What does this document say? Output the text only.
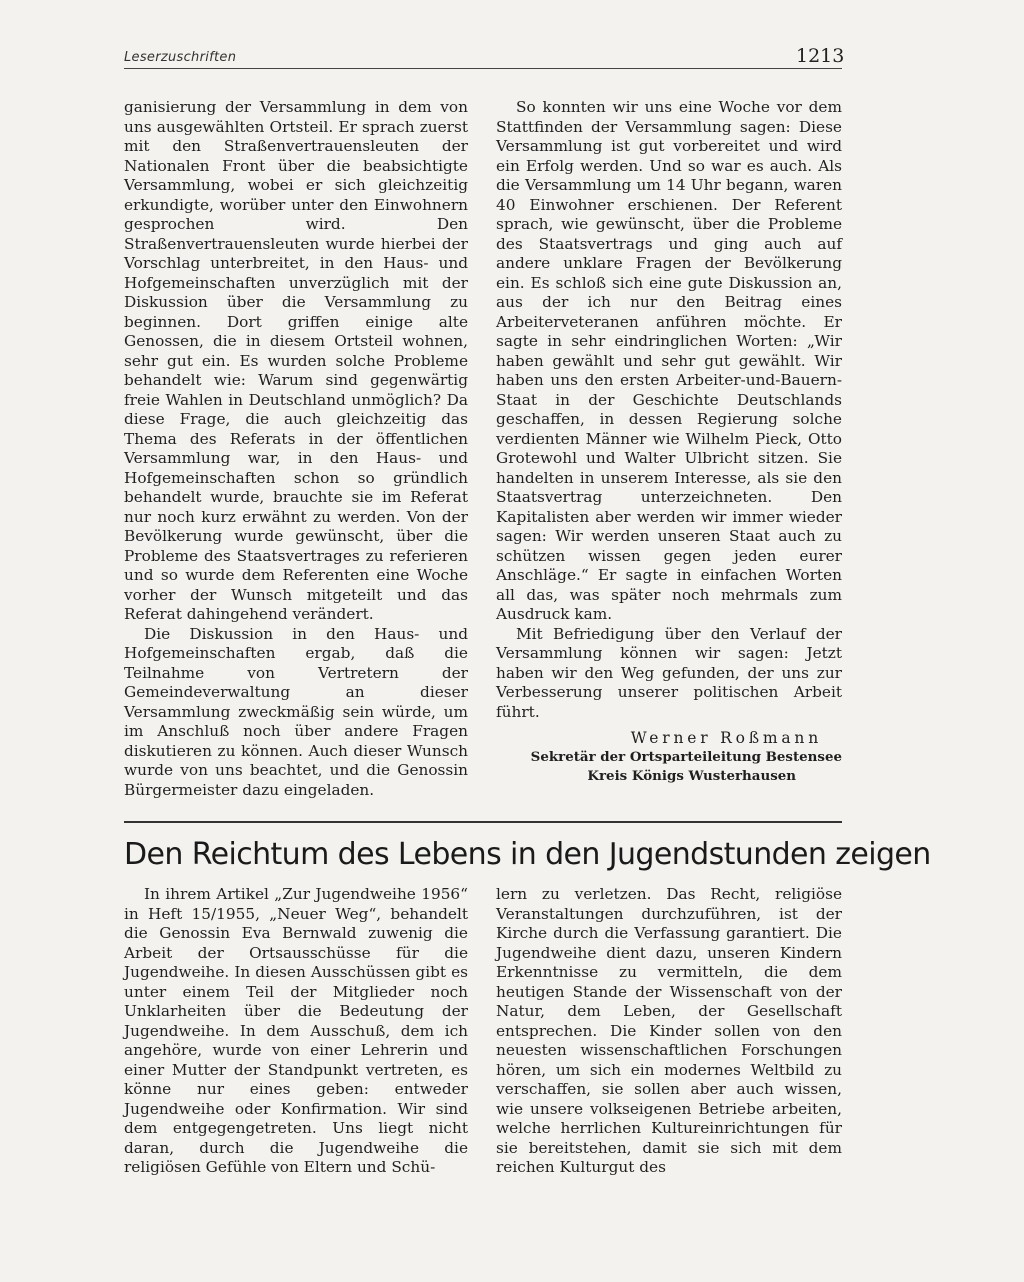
Leserzuschriften	1213

ganisierung der Versammlung in dem von uns ausgewählten Ortsteil. Er sprach zuerst mit den Straßenvertrauensleuten der Nationalen Front über die beabsichtigte Versammlung, wobei er sich gleichzeitig erkundigte, worüber unter den Einwohnern gesprochen wird. Den Straßenvertrauensleuten wurde hierbei der Vorschlag unterbreitet, in den Haus- und Hofgemeinschaften unverzüglich mit der Diskussion über die Versammlung zu beginnen. Dort griffen einige alte Genossen, die in diesem Ortsteil wohnen, sehr gut ein. Es wurden solche Probleme behandelt wie: Warum sind gegenwärtig freie Wahlen in Deutschland unmöglich? Da diese Frage, die auch gleichzeitig das Thema des Referats in der öffentlichen Versammlung war, in den Haus- und Hofgemeinschaften schon so gründlich behandelt wurde, brauchte sie im Referat nur noch kurz erwähnt zu werden. Von der Bevölkerung wurde gewünscht, über die Probleme des Staatsvertrages zu referieren und so wurde dem Referenten eine Woche vorher der Wunsch mitgeteilt und das Referat dahingehend verändert.

Die Diskussion in den Haus- und Hofgemeinschaften ergab, daß die Teilnahme von Vertretern der Gemeindeverwaltung an dieser Versammlung zweckmäßig sein würde, um im Anschluß noch über andere Fragen diskutieren zu können. Auch dieser Wunsch wurde von uns beachtet, und die Genossin Bürgermeister dazu eingeladen.

So konnten wir uns eine Woche vor dem Stattfinden der Versammlung sagen: Diese Versammlung ist gut vorbereitet und wird ein Erfolg werden. Und so war es auch. Als die Versammlung um 14 Uhr begann, waren 40 Einwohner erschienen. Der Referent sprach, wie gewünscht, über die Probleme des Staatsvertrags und ging auch auf andere unklare Fragen der Bevölkerung ein. Es schloß sich eine gute Diskussion an, aus der ich nur den Beitrag eines Arbeiterveteranen anführen möchte. Er sagte in sehr eindringlichen Worten: „Wir haben gewählt und sehr gut gewählt. Wir haben uns den ersten Arbeiter-und-Bauern-Staat in der Geschichte Deutschlands geschaffen, in dessen Regierung solche verdienten Männer wie Wilhelm Pieck, Otto Grotewohl und Walter Ulbricht sitzen. Sie handelten in unserem Interesse, als sie den Staatsvertrag unterzeichneten. Den Kapitalisten aber werden wir immer wieder sagen: Wir werden unseren Staat auch zu schützen wissen gegen jeden eurer Anschläge.“ Er sagte in einfachen Worten all das, was später noch mehrmals zum Ausdruck kam.

Mit Befriedigung über den Verlauf der Versammlung können wir sagen: Jetzt haben wir den Weg gefunden, der uns zur Verbesserung unserer politischen Arbeit führt.

Werner Roßmann
Sekretär der Ortsparteileitung Bestensee
Kreis Königs Wusterhausen
Den Reichtum des Lebens in den Jugendstunden zeigen

In ihrem Artikel „Zur Jugendweihe 1956“ in Heft 15/1955, „Neuer Weg“, behandelt die Genossin Eva Bernwald zuwenig die Arbeit der Ortsausschüsse für die Jugendweihe. In diesen Ausschüssen gibt es unter einem Teil der Mitglieder noch Unklarheiten über die Bedeutung der Jugendweihe. In dem Ausschuß, dem ich angehöre, wurde von einer Lehrerin und einer Mutter der Standpunkt vertreten, es könne nur eines geben: entweder Jugendweihe oder Konfirmation. Wir sind dem entgegengetreten. Uns liegt nicht daran, durch die Jugendweihe die religiösen Gefühle von Eltern und Schü-

lern zu verletzen. Das Recht, religiöse Veranstaltungen durchzuführen, ist der Kirche durch die Verfassung garantiert. Die Jugendweihe dient dazu, unseren Kindern Erkenntnisse zu vermitteln, die dem heutigen Stande der Wissenschaft von der Natur, dem Leben, der Gesellschaft entsprechen. Die Kinder sollen von den neuesten wissenschaftlichen Forschungen hören, um sich ein modernes Weltbild zu verschaffen, sie sollen aber auch wissen, wie unsere volkseigenen Betriebe arbeiten, welche herrlichen Kultureinrichtungen für sie bereitstehen, damit sie sich mit dem reichen Kulturgut des
